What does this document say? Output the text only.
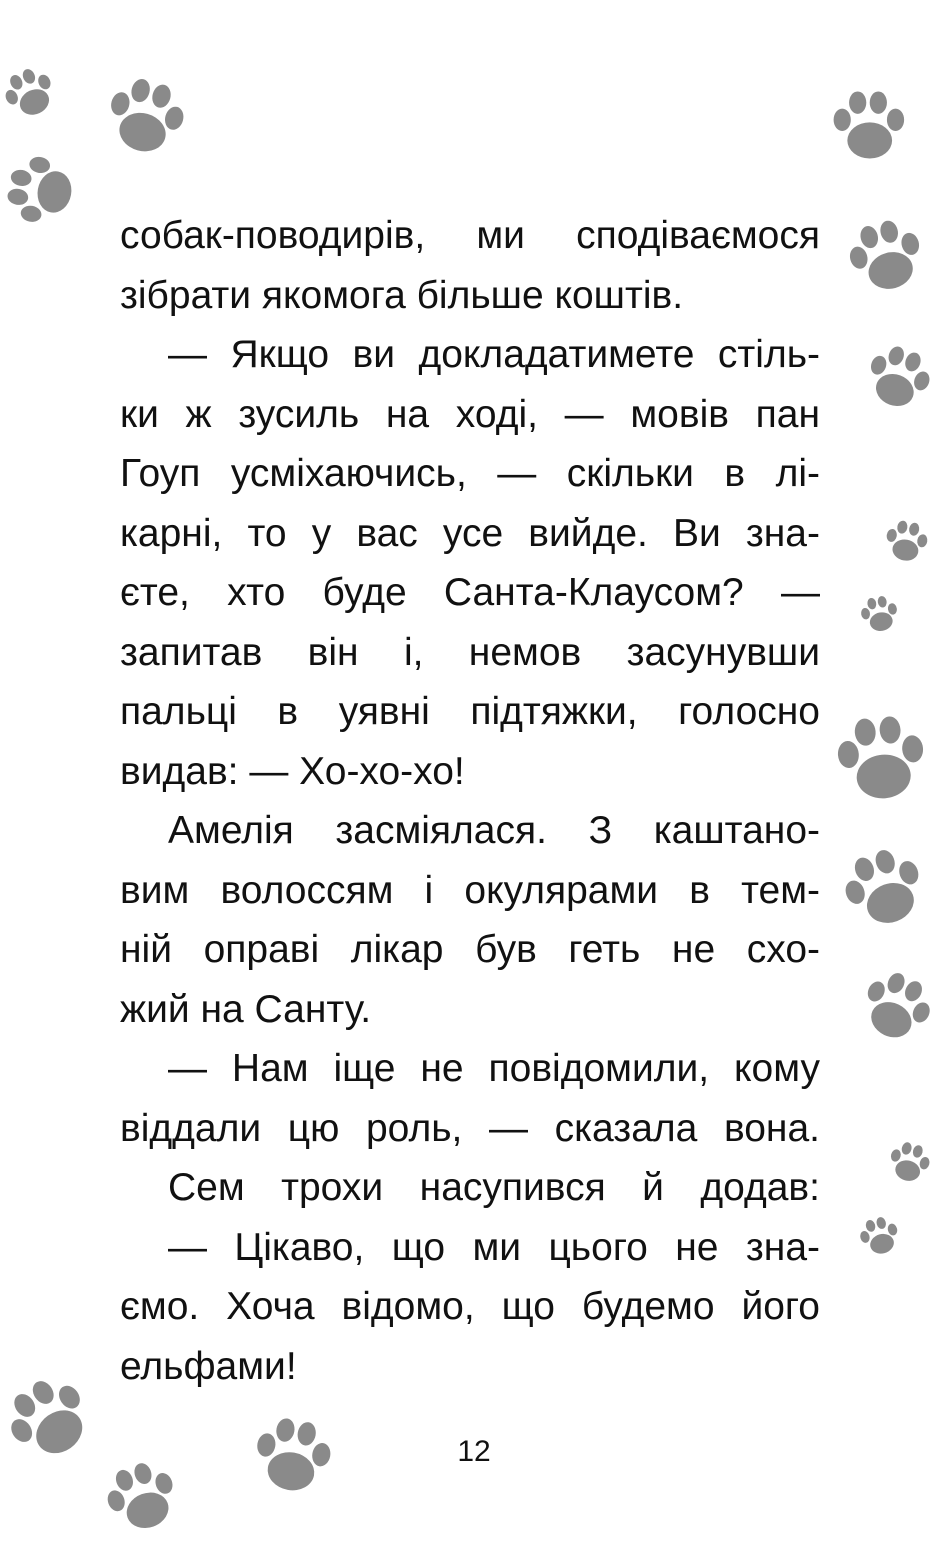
собак-поводирів, ми сподіваємося
зібрати якомога більше коштів.
— Якщо ви докладатимете стіль-
ки ж зусиль на ході, — мовів пан
Гоуп усміхаючись, — скільки в лі-
карні, то у вас усе вийде. Ви зна-
єте, хто буде Санта-Клаусом? —
запитав він і, немов засунувши
пальці в уявні підтяжки, голосно
видав: — Хо-хо-хо!
Амелія засміялася. З каштано-
вим волоссям і окулярами в тем-
ній оправі лікар був геть не схо-
жий на Санту.
— Нам іще не повідомили, кому
віддали цю роль, — сказала вона.
Сем трохи насупився й додав:
— Цікаво, що ми цього не зна-
ємо. Хоча відомо, що будемо його
ельфами!
12
